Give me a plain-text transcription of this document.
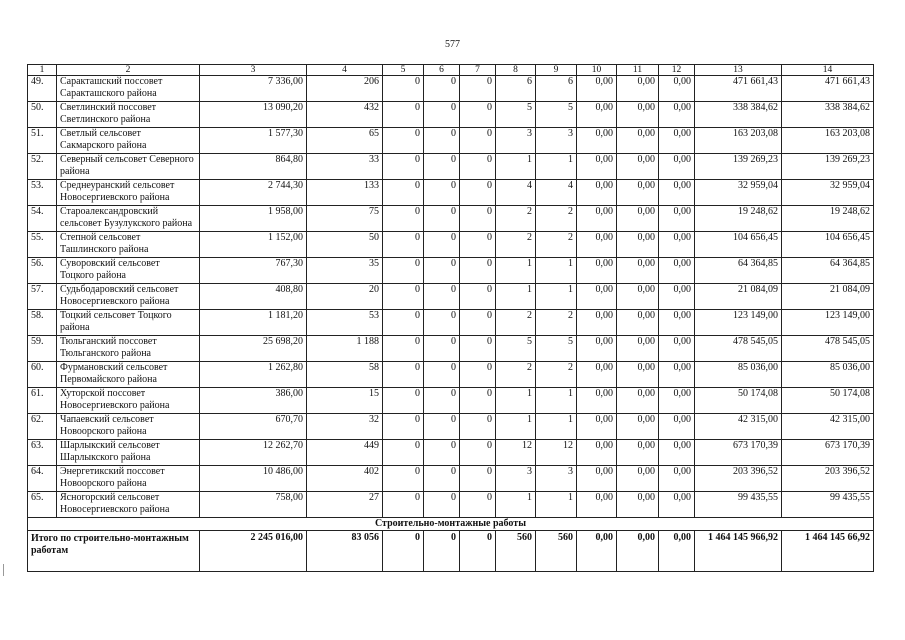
577
1	2	3	4	5	6	7	8	9	10	11	12	13	14
49.	Саракташский поссовет Саракташского района	7 336,00	206	0	0	0	6	6	0,00	0,00	0,00	471 661,43	471 661,43
50.	Светлинский поссовет Светлинского района	13 090,20	432	0	0	0	5	5	0,00	0,00	0,00	338 384,62	338 384,62
51.	Светлый сельсовет Сакмарского района	1 577,30	65	0	0	0	3	3	0,00	0,00	0,00	163 203,08	163 203,08
52.	Северный сельсовет Северного района	864,80	33	0	0	0	1	1	0,00	0,00	0,00	139 269,23	139 269,23
53.	Среднеуранский сельсовет Новосергиевского района	2 744,30	133	0	0	0	4	4	0,00	0,00	0,00	32 959,04	32 959,04
54.	Староалександровский сельсовет Бузулукского района	1 958,00	75	0	0	0	2	2	0,00	0,00	0,00	19 248,62	19 248,62
55.	Степной сельсовет Ташлинского района	1 152,00	50	0	0	0	2	2	0,00	0,00	0,00	104 656,45	104 656,45
56.	Суворовский сельсовет Тоцкого района	767,30	35	0	0	0	1	1	0,00	0,00	0,00	64 364,85	64 364,85
57.	Судьбодаровский сельсовет Новосергиевского района	408,80	20	0	0	0	1	1	0,00	0,00	0,00	21 084,09	21 084,09
58.	Тоцкий сельсовет Тоцкого района	1 181,20	53	0	0	0	2	2	0,00	0,00	0,00	123 149,00	123 149,00
59.	Тюльганский поссовет Тюльганского района	25 698,20	1 188	0	0	0	5	5	0,00	0,00	0,00	478 545,05	478 545,05
60.	Фурмановский сельсовет Первомайского района	1 262,80	58	0	0	0	2	2	0,00	0,00	0,00	85 036,00	85 036,00
61.	Хуторской поссовет Новосергиевского района	386,00	15	0	0	0	1	1	0,00	0,00	0,00	50 174,08	50 174,08
62.	Чапаевский сельсовет Новоорского района	670,70	32	0	0	0	1	1	0,00	0,00	0,00	42 315,00	42 315,00
63.	Шарлыкский сельсовет Шарлыкского района	12 262,70	449	0	0	0	12	12	0,00	0,00	0,00	673 170,39	673 170,39
64.	Энергетикский поссовет Новоорского района	10 486,00	402	0	0	0	3	3	0,00	0,00	0,00	203 396,52	203 396,52
65.	Ясногорский сельсовет Новосергиевского района	758,00	27	0	0	0	1	1	0,00	0,00	0,00	99 435,55	99 435,55
Строительно-монтажные работы													
Итого по строительно-монтажным работам		2 245 016,00	83 056	0	0	0	560	560	0,00	0,00	0,00	1 464 145 966,92	1 464 145 66,92
